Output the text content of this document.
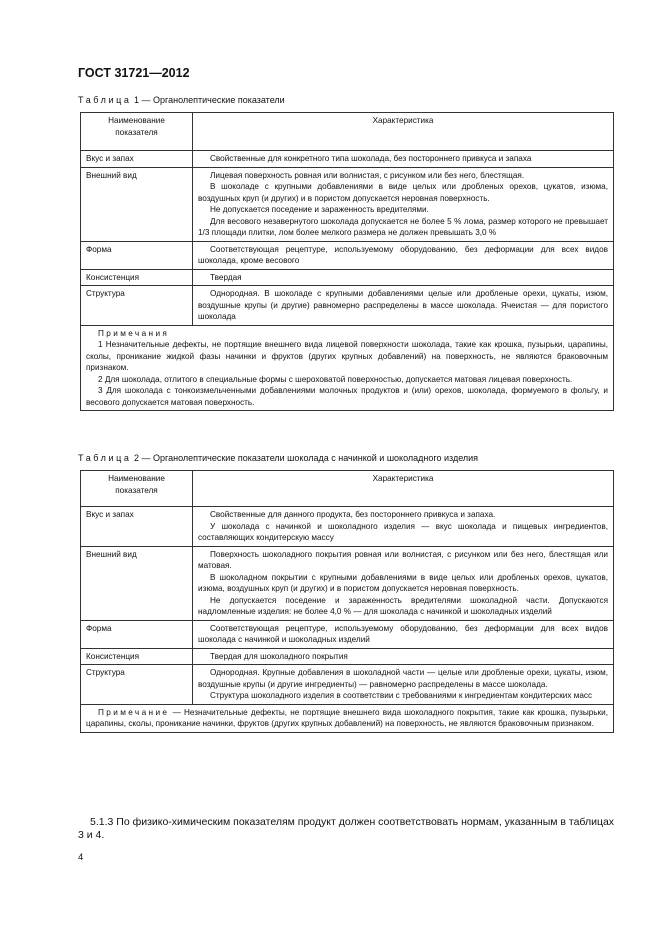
ГОСТ 31721—2012
Таблица 1 — Органолептические показатели
Наименование показателя	Характеристика
Вкус и запах	Свойственные для конкретного типа шоколада, без постороннего привкуса и запаха

Внешний вид	Лицевая поверхность ровная или волнистая, с рисунком или без него, блестящая.

В шоколаде с крупными добавлениями в виде целых или дробленых орехов, цукатов, изюма, воздушных круп (и других) и в пористом допускается неровная поверхность.

Не допускается поседение и зараженность вредителями.

Для весового незавернутого шоколада допускается не более 5 % лома, размер которого не превышает 1/3 площади плитки, лом более мелкого размера не должен превышать 3,0 %

Форма	Соответствующая рецептуре, используемому оборудованию, без деформации для всех видов шоколада, кроме весового

Консистенция	Твердая

Структура	Однородная. В шоколаде с крупными добавлениями целые или дробленые орехи, цукаты, изюм, воздушные крупы (и другие) равномерно распределены в массе шоколада. Ячеистая — для пористого шоколада

Примечания

1 Незначительные дефекты, не портящие внешнего вида лицевой поверхности шоколада, такие как крошка, пузырьки, царапины, сколы, проникание жидкой фазы начинки и фруктов (других крупных добавлений) на поверхность, не являются браковочным признаком.

2 Для шоколада, отлитого в специальные формы с шероховатой поверхностью, допускается матовая лицевая поверхность.

3 Для шоколада с тонкоизмельченными добавлениями молочных продуктов и (или) орехов, шоколада, формуемого в фольгу, и весового допускается матовая поверхность.	

Таблица 2 — Органолептические показатели шоколада с начинкой и шоколадного изделия
Наименование показателя	Характеристика
Вкус и запах	Свойственные для данного продукта, без постороннего привкуса и запаха.

У шоколада с начинкой и шоколадного изделия — вкус шоколада и пищевых ингредиентов, составляющих кондитерскую массу

Внешний вид	Поверхность шоколадного покрытия ровная или волнистая, с рисунком или без него, блестящая или матовая.

В шоколадном покрытии с крупными добавлениями в виде целых или дробленых орехов, цукатов, изюма, воздушных круп (и других) и в пористом допускается неровная поверхность.

Не допускается поседение и зараженность вредителями шоколадной части. Допускаются надломленные изделия: не более 4,0 % — для шоколада с начинкой и шоколадных изделий

Форма	Соответствующая рецептуре, используемому оборудованию, без деформации для всех видов шоколада с начинкой и шоколадных изделий

Консистенция	Твердая для шоколадного покрытия

Структура	Однородная. Крупные добавления в шоколадной части — целые или дробленые орехи, цукаты, изюм, воздушные крупы (и другие ингредиенты) — равномерно распределены в массе шоколада.

Структура шоколадного изделия в соответствии с требованиями к ингредиентам кондитерских масс

Примечание — Незначительные дефекты, не портящие внешнего вида шоколадного покрытия, такие как крошка, пузырьки, царапины, сколы, проникание начинки, фруктов (других крупных добавлений) на поверхность, не являются браковочным признаком.	

5.1.3 По физико-химическим показателям продукт должен соответствовать нормам, указанным в таблицах 3 и 4.
4
